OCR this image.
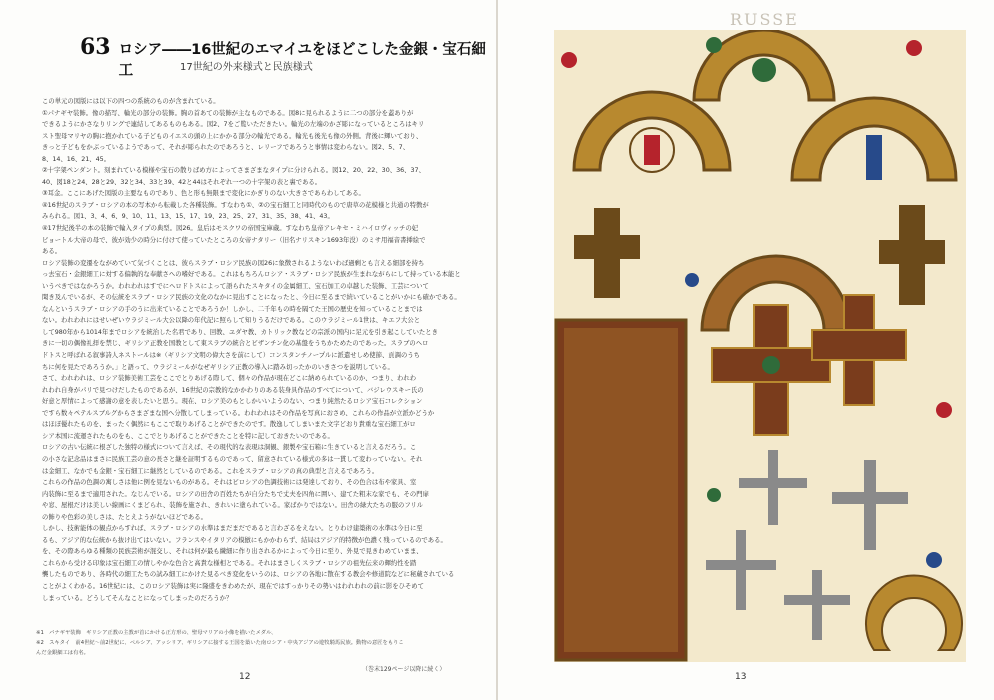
63 ロシア――16世紀のエマイユをほどこした金銀・宝石細工	17世紀の外来様式と民族様式

この単元の図版には以下の四つの系統のものが含まれている。

①パナギヤ装飾。像の描写、輪光の部分の装飾。胸の首あての装飾が主なものである。図8に見られるように二つの部分を蓋ありが

できるようにかさなりリングで連結してあるものもある。図2、7をご覧いただきたい。輪光の左端のかざ彫になっているところはキリ

スト聖母マリヤの胸に抱かれている子どものイエスの頭の上にかかる部分の輪光である。輪光も後光も像の外側。背後に輝いており、

きっと子どもをかぶっているようであって、それが彫られたのであろうと、レリーフであろうと事情は変わらない。図2、5、7、

8、14、16、21、45。

②十字架ペンダント。刻まれている模様や宝石の散りばめ方によってさまざまなタイプに分けられる。図12、20、22、30、36、37、

40、図18と24、28と29、32と34、33と39、42と44はそれぞれ一つの十字架の表と裏である。

③耳金。ここにあげた図版の主要なものであり、色と形も無限まで変化にかぎりのない大きさであらわしてある。

④16世紀のスラブ・ロシアの本の写本から転載した各種装飾。すなわち①、②の宝石細工と同時代のもので唐草の花模様と共通の特徴が

みられる。図1、3、4、6、9、10、11、13、15、17、19、23、25、27、31、35、38、41、43。

④17世紀後半の本の装飾で輪入タイプの典型。図26。皇后はモスクワの帝国宝庫蔵。すなわち皇帝アレキセ・ミハイロヴィッチの妃

ピョートル大帝の母で、彼が効少の時分に付けて使っていたところの女帝ナタリー（旧名ナリスキン1693年没）のミサ用福音書挿絵で

ある。

ロシア装飾の変遷をながめていて気づくことは、彼らスラブ・ロシア民族の図26に象徴されるようないわば過剰とも言える細部を持ち

っ去宝石・金銀細工に対する偏執的な奉献さへの嗜好である。これはもちろんロシア・スラブ・ロシア民族が生まれながらにして持っている本能と

いうべきではなかろうか。われわれはすでにヘロドトスによって語られたスキタイの金属細工、宝石加工の卓越した装飾、工芸について

聞き及んでいるが、その伝統をスラブ・ロシア民族の文化のなかに見出すことになったと、今日に至るまで続いていることがいかにも確かである。

なんというスラブ・ロシアの手のうに出来ていることであろうか！しかし、二千年もの時を隔てた王国の歴史を知っていることまでは

ない。われわれにはせいぜいウラジミール大公以降の年代記に照らして知りうるだけである。このウラジミール1世は、キエフ大公と

して980年から1014年までロシアを統治した名君であり、回教、ユダヤ教、カトリック教などの宗派の国内に足元を引き起こしていたとき

きに一切の偶像礼拝を禁じ、ギリシア正教を国教として東スラブの統合とビザンチン化の基盤をうちかためたのであった。スラブのヘロ

ドトスと呼ばれる叙事詩人ネストールは※（ギリシア文明の偉大さを前にして）コンスタンチノープルに派遣せしめ使節、貢調のうち

ちに何を見たであろうか。」と語って、ウラジミールがなぜギリシア正教の導入に踏み切ったかのいきさつを説明している。

さて、われわれは、ロシア装飾美術工芸をここでとりあげる際して、個々の作品が現在どこに納められているのか、つまり、われわ

れわれ自身がパリで見つけだしたものであるが、16世紀の宗教的なかかわりのある装身具作品のすべてについて、バジレウスキー氏の

好意と厚情によって感謝の意を表したいと思う。現在、ロシア美のもとしかいいようのない、つまり純然たるロシア宝石コレクション

ですら数々ペテルスブルグからさまざまな国へ分散してしまっている。われわれはその作品を写真におさめ、これらの作品が立派かどうか

はほぼ優れたものを、まったく偶然にもここで取りあげることができたのです。散逸してしまいまた文字どおり貴重な宝石細工がロ

シア本国に流運されたものをも、ここでとりあげることができたことを特に記しておきたいのである。

ロシアの古い伝統に根ざした独特の様式について言えば、その現代的な表現は洞観、銀製や宝石箱に生きていると言えるだろう。こ

の小さな記念品はまさに民族工芸の意の長さと継を証明するものであって、留意されている様式の多は一貫して変わっていない。それ

は金細工、なかでも金銀・宝石細工に継然としているのである。これをスラブ・ロシアの真の典型と言えるであろう。

これらの作品の色調の寓しさは他に例を見ないものがある。それはビロシアの色調技術には発達しており、その色合は布や家具、室

内装飾に至るまで適用された。なじんでいる。ロシアの田舎の百姓たちが自分たちで丈夫を四角に囲い、建てた粗末な家でも、その門扉

や窓、屋根だけは美しい線画にくまどられ、装飾を施され、きれいに塗られている。家ばかりではない。田舎の緑大たちの服のフリル

の飾りや色彩の美しさは、たとえようがないほどである。

しかし、技術能体の観点からすれば、スラブ・ロシアの水準はまだまだであると言わざるをえない。とりわけ建築術の水準は今日に至

るも、アジア的な伝統から抜け出てはいない。フランスやイタリアの模倣にもかかわらず、結局はアジア的特徴が色濃く残っているのである。

を、その際あらゆる種類の民族芸術が混交し、それは何が最も繊細に作り出されるかによって今日に至り、外見で見きわめていまま、

これらから受ける印象は宝石細工の情しやかな色合と高貴な様相とである。それはまさしくスラブ・ロシアの祖先伝来の輝約性を踏

襲したものであり、各時代の細工たちの試み細工にかけた見るべき変化をいうのは、ロシアの各地に散在する教会や修道院などに秘蔵されている

ことがよくわかる。16世紀には、このロシア装飾は実に隆盛をきわめたが、現在ではすっかりその勢いはわれわれの前に影をひそめて

しまっている。どうしてそんなことになってしまったのだろうか？

※1　バナギヤ装飾　ギリシア正教の主教が首にかける正方形の、聖母マリアの小像を描いたメダル、
※2　スキタイ　前4世紀～前2世紀に、ペルシア、アッシリア、ギリシアに接する王国を築いた南ロシア・中央アジアの遊牧騎馬民族。動物の意匠をもりこ
んだ金銀細工は有名。
（巻末129ページ以降に続く）
12
RUSSE
13
